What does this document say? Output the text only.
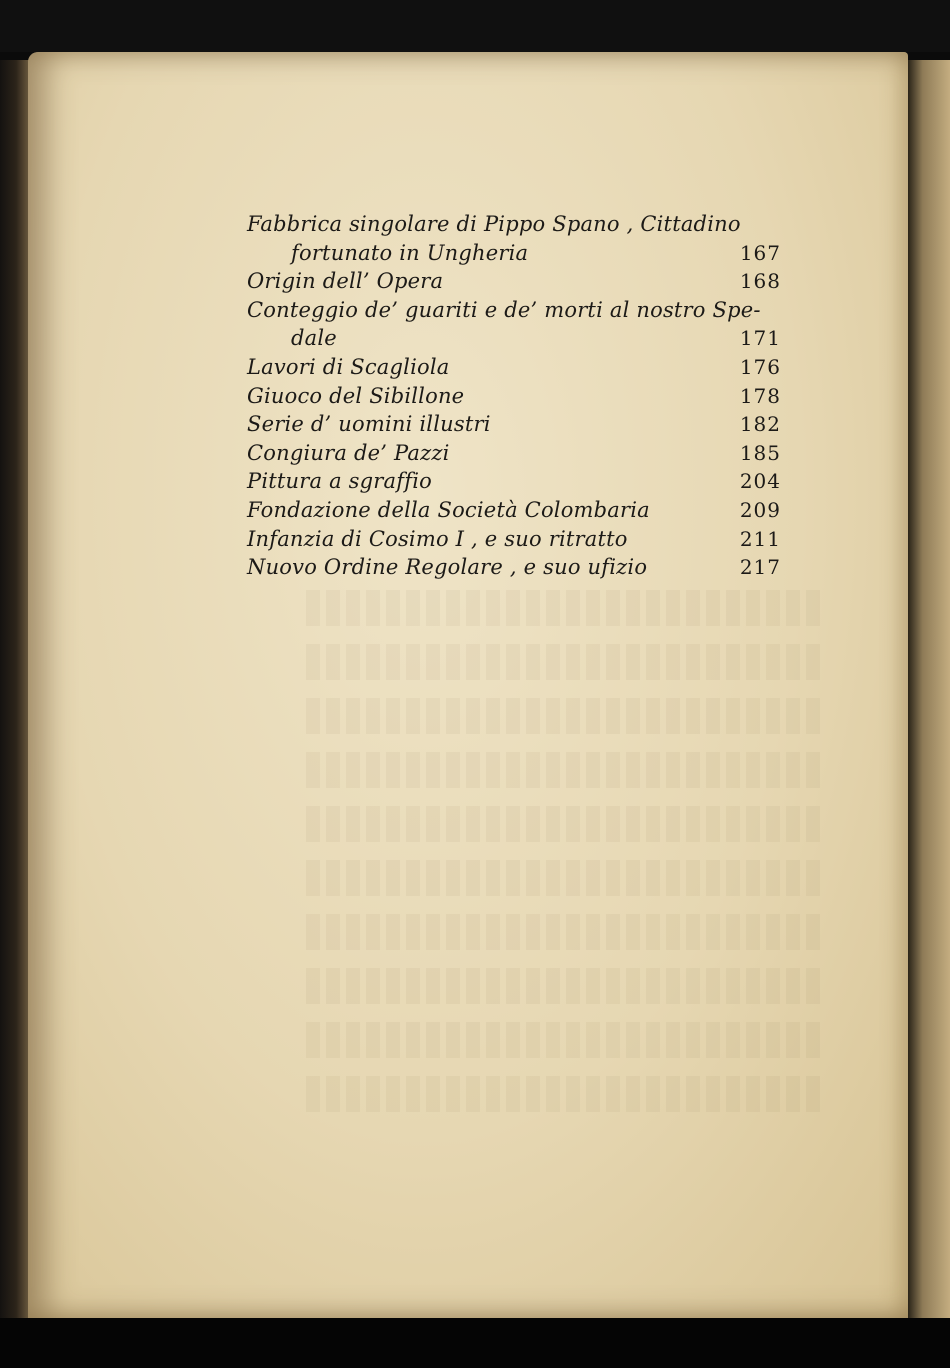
Fabbrica singolare di Pippo Spano , Cittadino
fortunato in Ungheria	167
Origin dell’ Opera	168
Conteggio de’ guariti e de’ morti al nostro Spe-
dale	171
Lavori di Scagliola	176
Giuoco del Sibillone	178
Serie d’ uomini illustri	182
Congiura de’ Pazzi	185
Pittura a sgraffio	204
Fondazione della Società Colombaria	209
Infanzia di Cosimo I , e suo ritratto	211
Nuovo Ordine Regolare , e suo ufizio	217
